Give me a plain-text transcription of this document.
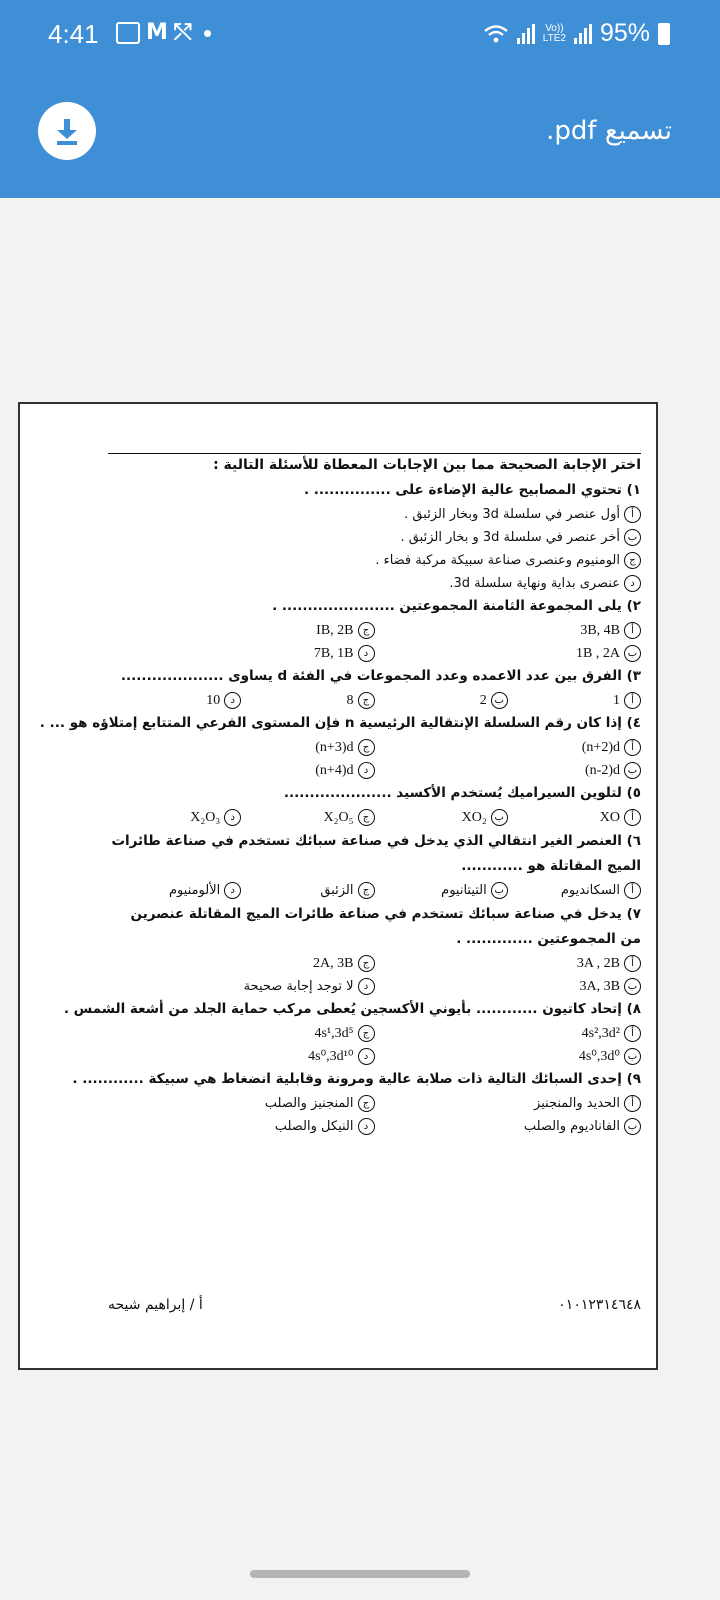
4:41 M ⤲	Vo))
LTE2 95%
تسميع pdf.
اختر الإجابة الصحيحة مما بين الإجابات المعطاة للأسئلة التالية :
١) تحتوي المصابيح عالية الإضاءة على ............... .
أ
أول عنصر في سلسلة 3d وبخار الزئبق .
ب
أخر عنصر في سلسلة 3d و بخار الزئبق .
ج
الومنيوم وعنصرى صناعة سبيكة مركبة فضاء .
د
عنصرى بداية ونهاية سلسلة 3d.
٢) يلى المجموعة الثامنة المجموعتين ...................... .
أ
3B, 4B
ج
IB, 2B
ب
1B , 2A
د
7B, 1B
٣) الفرق بين عدد الاعمده وعدد المجموعات في الفئة d يساوى ....................
أ
1
ب
2
ج
8
د
10
٤) إذا كان رقم السلسلة الإنتقالية الرئيسية n فإن المستوى الفرعي المتتابع إمتلاؤه هو ... .
أ
(n+2)d
ج
(n+3)d
ب
(n-2)d
د
(n+4)d
٥) لتلوين السيراميك يُستخدم الأكسيد .....................
أ
XO
ب
XO₂
ج
X₂O₅
د
X₂O₃
٦) العنصر الغير انتقالي الذي يدخل في صناعة سبائك تستخدم في صناعة طائرات الميج المقاتلة هو ............
أ
السكانديوم
ب
التيتانيوم
ج
الزئبق
د
الألومنيوم
٧) يدخل في صناعة سبائك تستخدم في صناعة طائرات الميج المقاتلة عنصرين من المجموعتين ............. .
أ
3A , 2B
ج
2A, 3B
ب
3A, 3B
د
لا توجد إجابة صحيحة
٨) إتحاد كاتيون ............ بأيوني الأكسجين يُعطى مركب حماية الجلد من أشعة الشمس .
أ
4s²,3d²
ج
4s¹,3d⁵
ب
4s⁰,3d⁰
د
4s⁰,3d¹⁰
٩) إحدى السبائك التالية ذات صلابة عالية ومرونة وقابلية انضغاط هي سبيكة ............ .
أ
الحديد والمنجنيز
ج
المنجنيز والصلب
ب
الفاناديوم والصلب
د
النيكل والصلب
أ / إبراهيم شيحه	٠١٠١٢٣١٤٦٤٨
